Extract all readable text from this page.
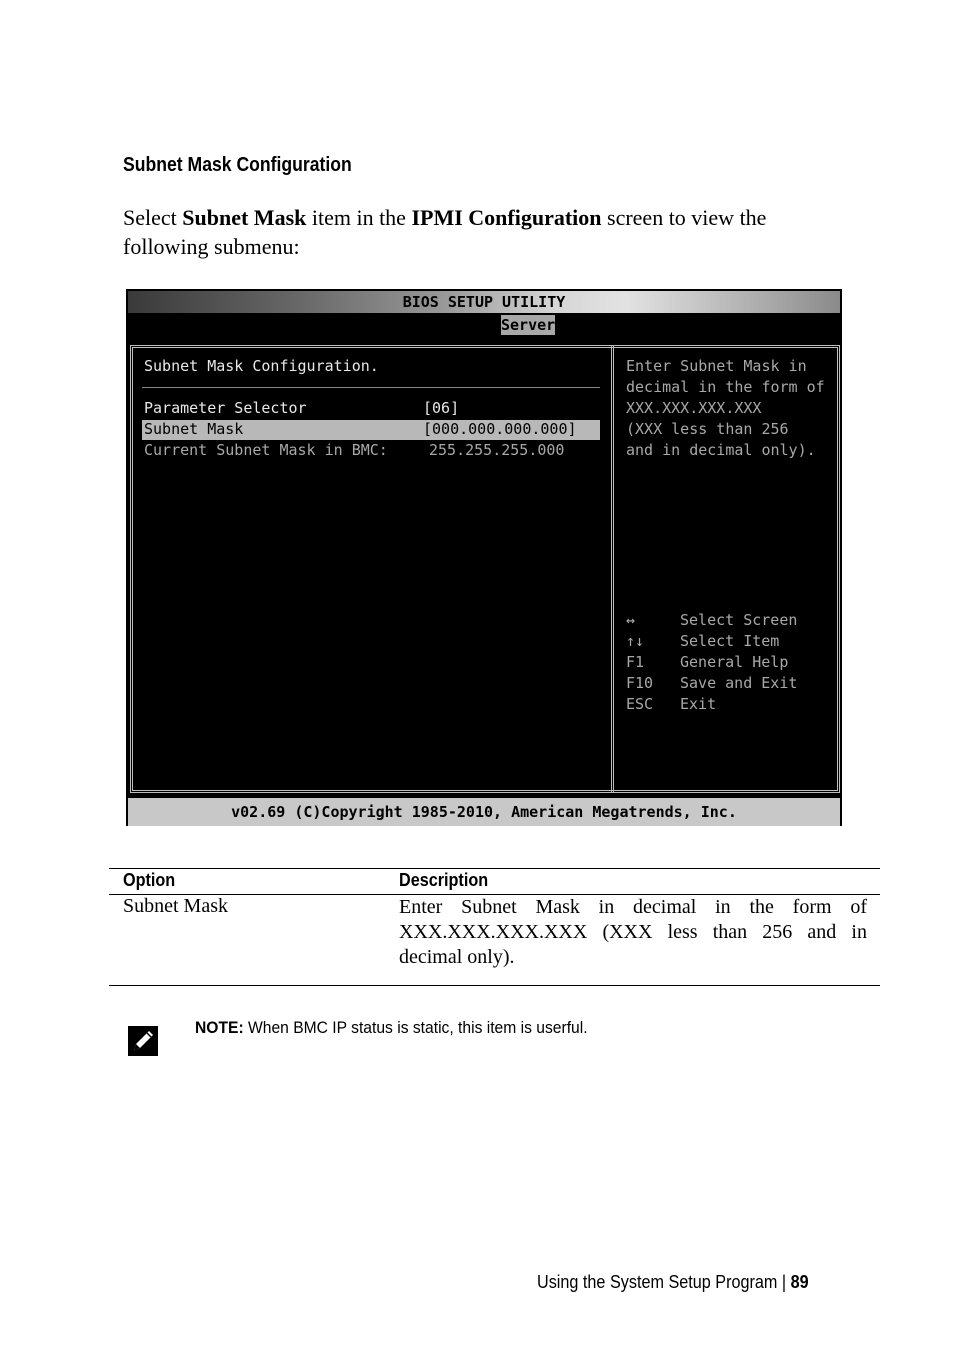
Subnet Mask Configuration
Select Subnet Mask item in the IPMI Configuration screen to view the following submenu:
BIOS SETUP UTILITY
Server
Subnet Mask Configuration.
Parameter Selector	[06]
Subnet Mask	[000.000.000.000]
Current Subnet Mask in BMC:	255.255.255.000
Enter Subnet Mask in
decimal in the form of
XXX.XXX.XXX.XXX
(XXX less than 256
and in decimal only).
↔	Select Screen
↑↓ Select Item
F1 General Help
F10 Save and Exit
ESC Exit
v02.69 (C)Copyright 1985-2010, American Megatrends, Inc.
Option	Description
Subnet Mask	Enter Subnet Mask in decimal in the form of XXX.XXX.XXX.XXX (XXX less than 256 and in decimal only).
NOTE: When BMC IP status is static, this item is userful.
Using the System Setup Program | 89
